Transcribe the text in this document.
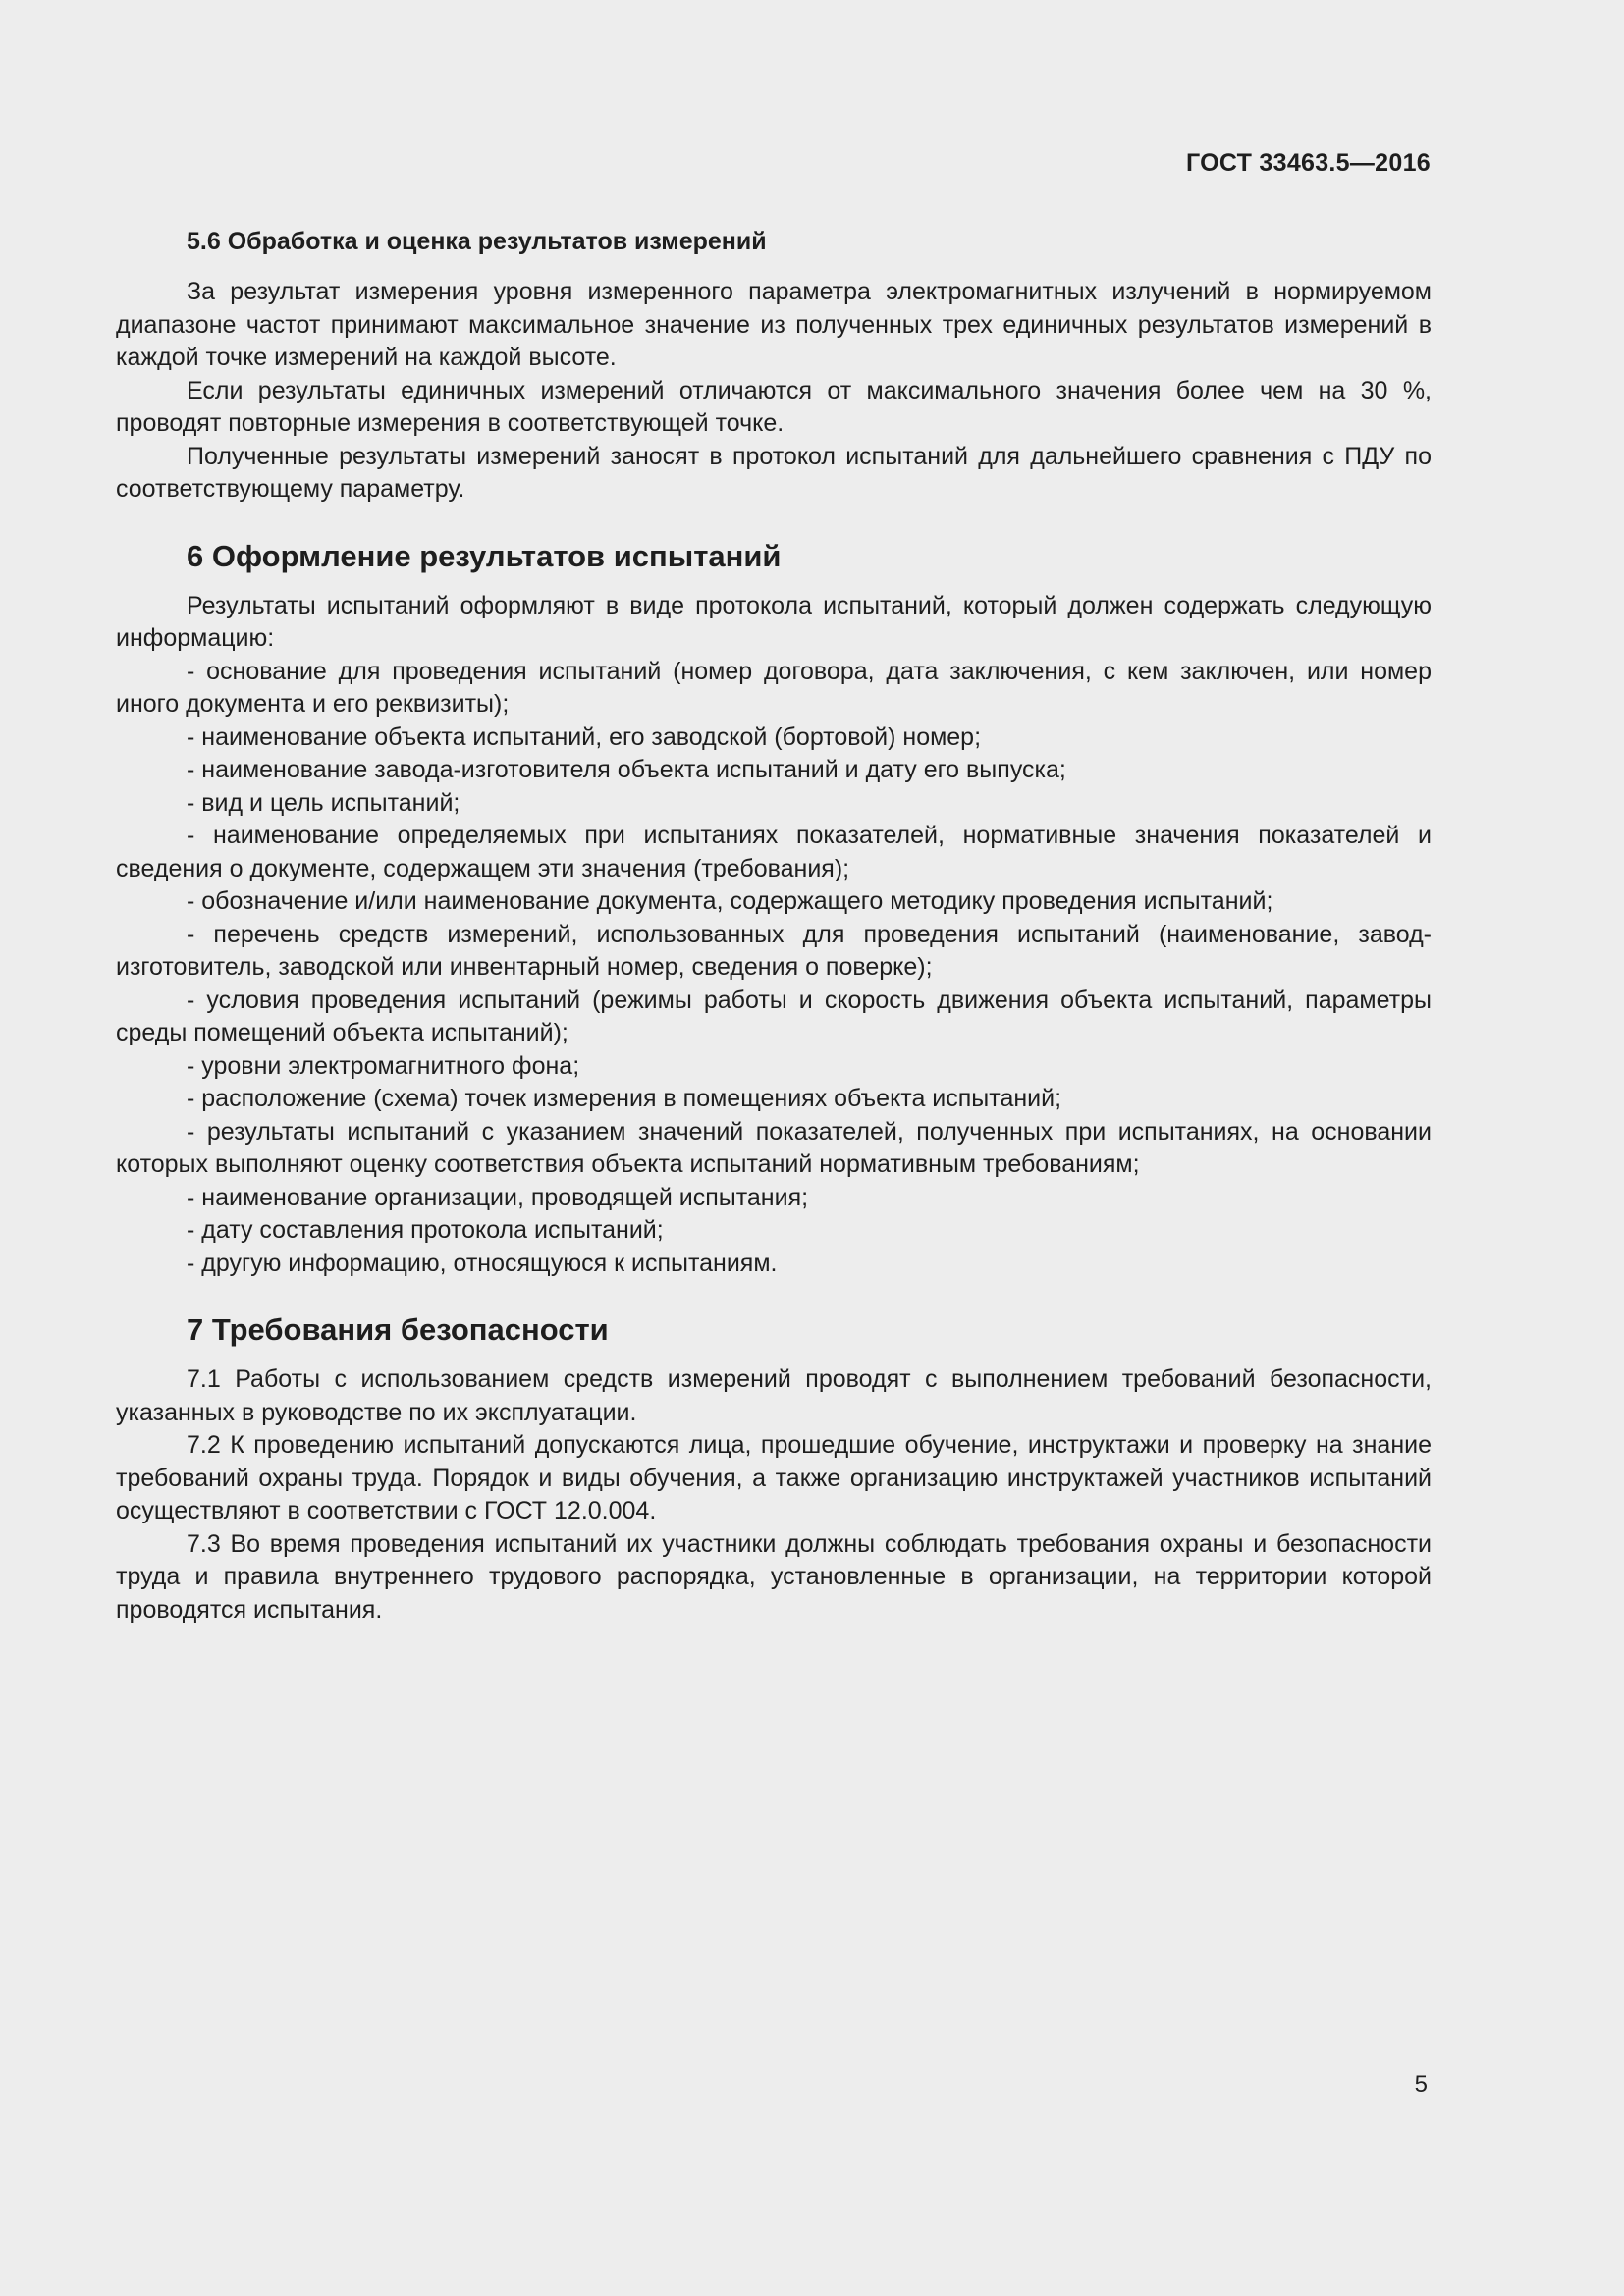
ГОСТ 33463.5—2016
5.6 Обработка и оценка результатов измерений

За результат измерения уровня измеренного параметра электромагнитных излучений в нормируемом диапазоне частот принимают максимальное значение из полученных трех единичных результатов измерений в каждой точке измерений на каждой высоте.

Если результаты единичных измерений отличаются от максимального значения более чем на 30 %, проводят повторные измерения в соответствующей точке.

Полученные результаты измерений заносят в протокол испытаний для дальнейшего сравнения с ПДУ по соответствующему параметру.

6 Оформление результатов испытаний

Результаты испытаний оформляют в виде протокола испытаний, который должен содержать следующую информацию:

- основание для проведения испытаний (номер договора, дата заключения, с кем заключен, или номер иного документа и его реквизиты);

- наименование объекта испытаний, его заводской (бортовой) номер;

- наименование завода-изготовителя объекта испытаний и дату его выпуска;

- вид и цель испытаний;

- наименование определяемых при испытаниях показателей, нормативные значения показателей и сведения о документе, содержащем эти значения (требования);

- обозначение и/или наименование документа, содержащего методику проведения испытаний;

- перечень средств измерений, использованных для проведения испытаний (наименование, завод-изготовитель, заводской или инвентарный номер, сведения о поверке);

- условия проведения испытаний (режимы работы и скорость движения объекта испытаний, параметры среды помещений объекта испытаний);

- уровни электромагнитного фона;

- расположение (схема) точек измерения в помещениях объекта испытаний;

- результаты испытаний с указанием значений показателей, полученных при испытаниях, на основании которых выполняют оценку соответствия объекта испытаний нормативным требованиям;

- наименование организации, проводящей испытания;

- дату составления протокола испытаний;

- другую информацию, относящуюся к испытаниям.

7 Требования безопасности

7.1 Работы с использованием средств измерений проводят с выполнением требований безопасности, указанных в руководстве по их эксплуатации.

7.2 К проведению испытаний допускаются лица, прошедшие обучение, инструктажи и проверку на знание требований охраны труда. Порядок и виды обучения, а также организацию инструктажей участников испытаний осуществляют в соответствии с ГОСТ 12.0.004.

7.3 Во время проведения испытаний их участники должны соблюдать требования охраны и безопасности труда и правила внутреннего трудового распорядка, установленные в организации, на территории которой проводятся испытания.

5
